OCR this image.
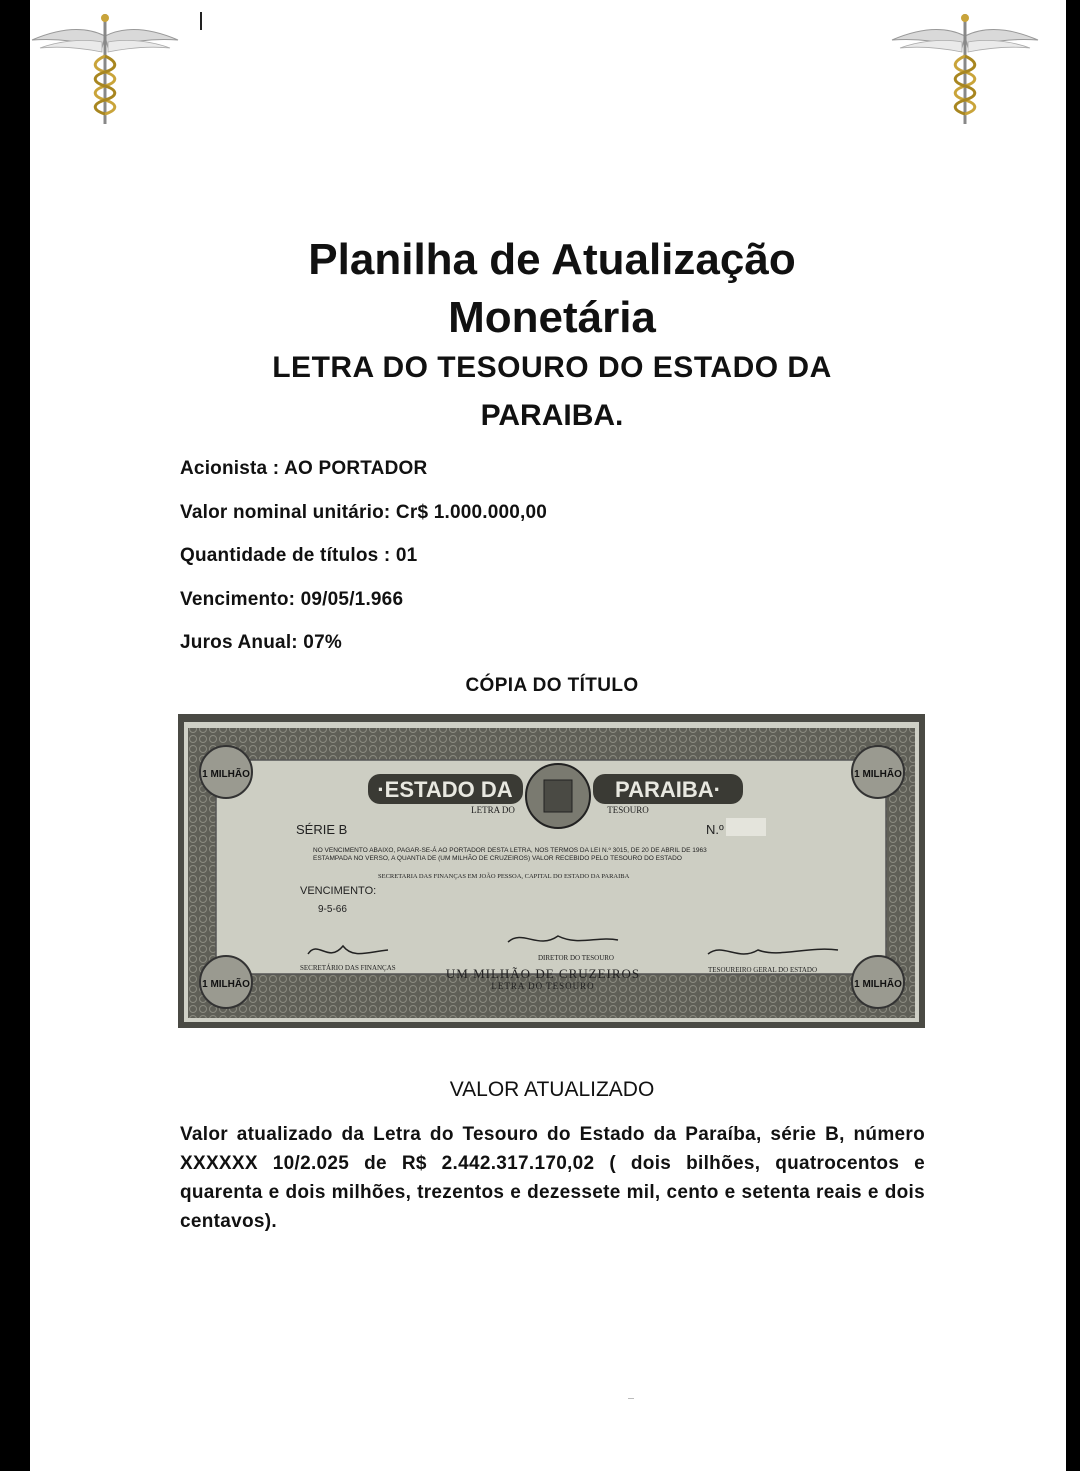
Planilha de Atualização
Monetária
LETRA DO TESOURO DO ESTADO DA
PARAIBA.
Acionista : AO PORTADOR
Valor nominal unitário: Cr$ 1.000.000,00
Quantidade de títulos : 01
Vencimento: 09/05/1.966
Juros Anual: 07%
CÓPIA DO TÍTULO
1 MILHÃO	1 MILHÃO
1 MILHÃO	1 MILHÃO
·ESTADO DA	PARAIBA·
LETRA DO	TESOURO
SÉRIE B	N.º
NO VENCIMENTO ABAIXO, PAGAR-SE-Á AO PORTADOR DESTA LETRA, NOS TERMOS DA LEI N.º 3015, DE 20 DE ABRIL DE 1963
ESTAMPADA NO VERSO, A QUANTIA DE (UM MILHÃO DE CRUZEIROS) VALOR RECEBIDO PELO TESOURO DO ESTADO
SECRETARIA DAS FINANÇAS EM JOÃO PESSOA, CAPITAL DO ESTADO DA PARAIBA
VENCIMENTO:
9-5-66
SECRETÁRIO DAS FINANÇAS
DIRETOR DO TESOURO
TESOUREIRO GERAL DO ESTADO
UM MILHÃO DE CRUZEIROS
LETRA DO TESOURO
VALOR ATUALIZADO
Valor atualizado da Letra do Tesouro do Estado da Paraíba, série B, número XXXXXX 10/2.025 de R$ 2.442.317.170,02 ( dois bilhões, quatrocentos e quarenta e dois milhões, trezentos e dezessete mil, cento e setenta reais e dois centavos).
